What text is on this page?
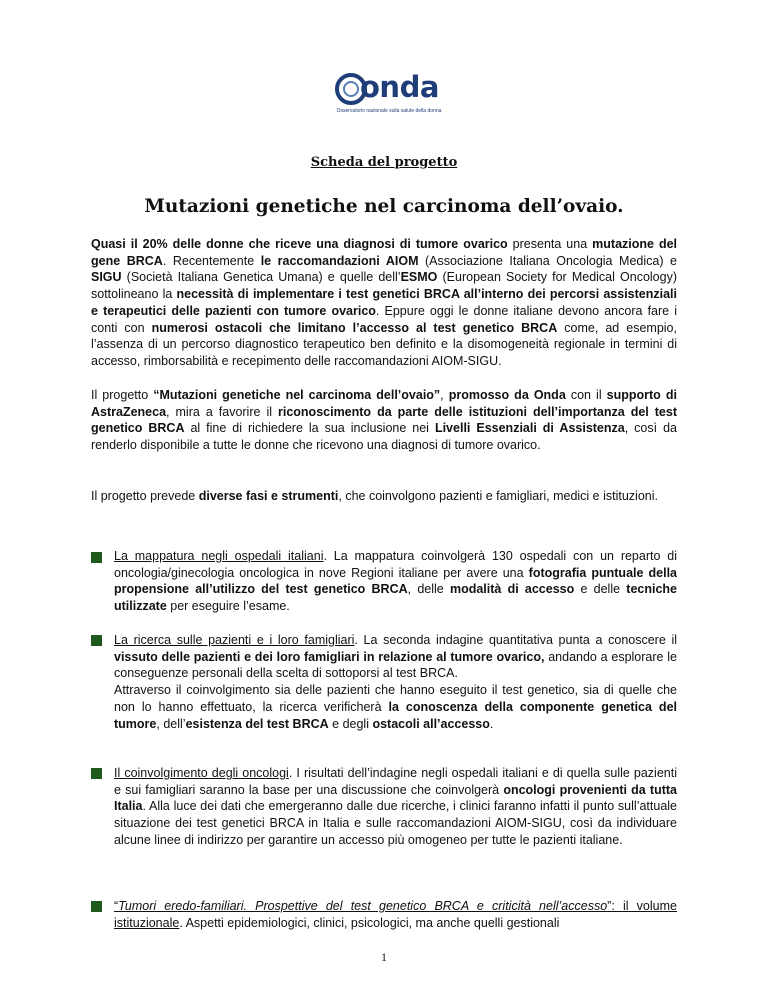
onda
Osservatorio nazionale sulla salute della donna
Scheda del progetto
Mutazioni genetiche nel carcinoma dell’ovaio.
Quasi il 20% delle donne che riceve una diagnosi di tumore ovarico presenta una mutazione del gene BRCA. Recentemente le raccomandazioni AIOM (Associazione Italiana Oncologia Medica) e SIGU (Società Italiana Genetica Umana) e quelle dell’ESMO (European Society for Medical Oncology) sottolineano la necessità di implementare i test genetici BRCA all’interno dei percorsi assistenziali e terapeutici delle pazienti con tumore ovarico. Eppure oggi le donne italiane devono ancora fare i conti con numerosi ostacoli che limitano l’accesso al test genetico BRCA come, ad esempio, l’assenza di un percorso diagnostico terapeutico ben definito e la disomogeneità regionale in termini di accesso, rimborsabilità e recepimento delle raccomandazioni AIOM-SIGU.
Il progetto “Mutazioni genetiche nel carcinoma dell’ovaio”, promosso da Onda con il supporto di AstraZeneca, mira a favorire il riconoscimento da parte delle istituzioni dell’importanza del test genetico BRCA al fine di richiedere la sua inclusione nei Livelli Essenziali di Assistenza, così da renderlo disponibile a tutte le donne che ricevono una diagnosi di tumore ovarico.
Il progetto prevede diverse fasi e strumenti, che coinvolgono pazienti e famigliari, medici e istituzioni.
La mappatura negli ospedali italiani. La mappatura coinvolgerà 130 ospedali con un reparto di oncologia/ginecologia oncologica in nove Regioni italiane per avere una fotografia puntuale della propensione all’utilizzo del test genetico BRCA, delle modalità di accesso e delle tecniche utilizzate per eseguire l’esame.
La ricerca sulle pazienti e i loro famigliari. La seconda indagine quantitativa punta a conoscere il vissuto delle pazienti e dei loro famigliari in relazione al tumore ovarico, andando a esplorare le conseguenze personali della scelta di sottoporsi al test BRCA.
Attraverso il coinvolgimento sia delle pazienti che hanno eseguito il test genetico, sia di quelle che non lo hanno effettuato, la ricerca verificherà la conoscenza della componente genetica del tumore, dell’esistenza del test BRCA e degli ostacoli all’accesso.
Il coinvolgimento degli oncologi. I risultati dell’indagine negli ospedali italiani e di quella sulle pazienti e sui famigliari saranno la base per una discussione che coinvolgerà oncologi provenienti da tutta Italia. Alla luce dei dati che emergeranno dalle due ricerche, i clinici faranno infatti il punto sull’attuale situazione dei test genetici BRCA in Italia e sulle raccomandazioni AIOM-SIGU, così da individuare alcune linee di indirizzo per garantire un accesso più omogeneo per tutte le pazienti italiane.
“Tumori eredo-familiari. Prospettive del test genetico BRCA e criticità nell’accesso”: il volume istituzionale. Aspetti epidemiologici, clinici, psicologici, ma anche quelli gestionali
1
